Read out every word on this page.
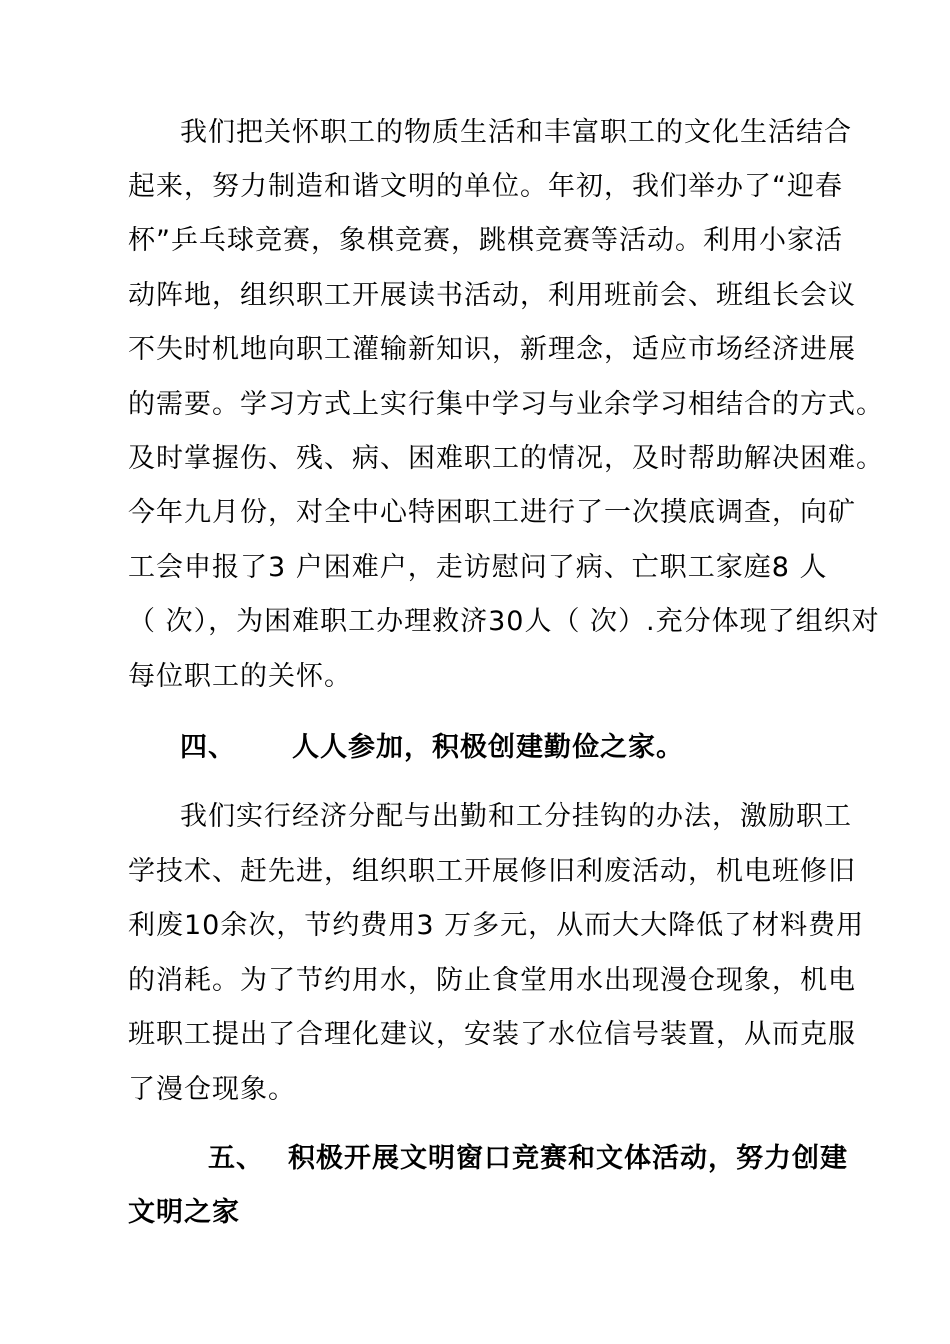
我们把关怀职工的物质生活和丰富职工的文化生活结合
起来，努力制造和谐文明的单位。年初，我们举办了“迎春
杯”乒乓球竞赛，象棋竞赛，跳棋竞赛等活动。利用小家活
动阵地，组织职工开展读书活动，利用班前会、班组长会议
不失时机地向职工灌输新知识，新理念，适应市场经济进展
的需要。学习方式上实行集中学习与业余学习相结合的方式。
及时掌握伤、残、病、困难职工的情况，及时帮助解决困难。
今年九月份，对全中心特困职工进行了一次摸底调查，向矿
工会申报了3 户困难户，走访慰问了病、亡职工家庭8 人
（ 次），为困难职工办理救济30人（ 次）.充分体现了组织对
每位职工的关怀。
四、 人人参加，积极创建勤俭之家。
我们实行经济分配与出勤和工分挂钩的办法，激励职工
学技术、赶先进，组织职工开展修旧利废活动，机电班修旧
利废10余次，节约费用3 万多元，从而大大降低了材料费用
的消耗。为了节约用水，防止食堂用水出现漫仓现象，机电
班职工提出了合理化建议，安装了水位信号装置，从而克服
了漫仓现象。
五、 积极开展文明窗口竞赛和文体活动，努力创建
文明之家
